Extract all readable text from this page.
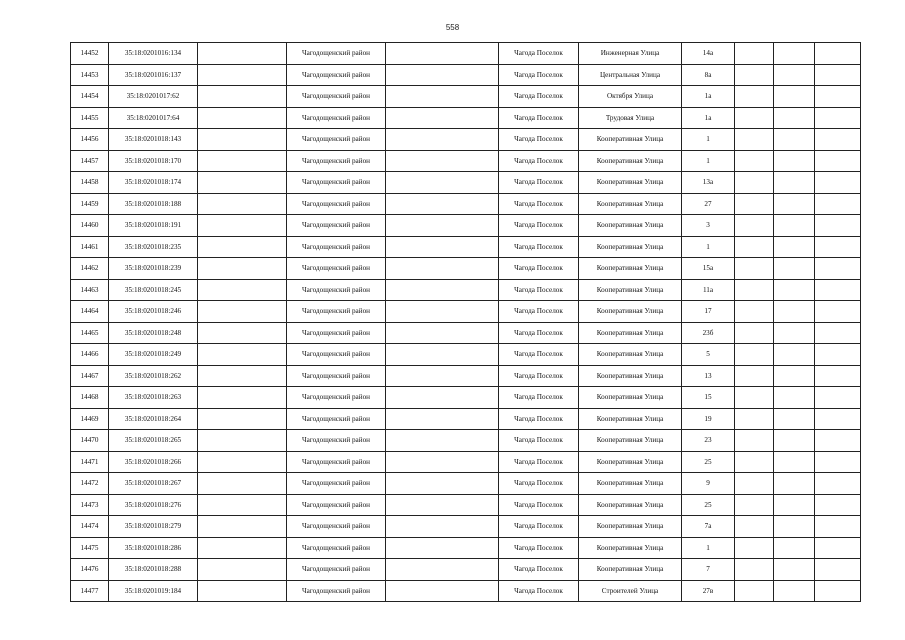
558
14452	35:18:0201016:134		Чагодощенский район		Чагода Поселок	Инженерная Улица	14а			
14453	35:18:0201016:137		Чагодощенский район		Чагода Поселок	Центральная Улица	8а			
14454	35:18:0201017:62		Чагодощенский район		Чагода Поселок	Октября Улица	1а			
14455	35:18:0201017:64		Чагодощенский район		Чагода Поселок	Трудовая Улица	1а			
14456	35:18:0201018:143		Чагодощенский район		Чагода Поселок	Кооперативная Улица	1			
14457	35:18:0201018:170		Чагодощенский район		Чагода Поселок	Кооперативная Улица	1			
14458	35:18:0201018:174		Чагодощенский район		Чагода Поселок	Кооперативная Улица	13а			
14459	35:18:0201018:188		Чагодощенский район		Чагода Поселок	Кооперативная Улица	27			
14460	35:18:0201018:191		Чагодощенский район		Чагода Поселок	Кооперативная Улица	3			
14461	35:18:0201018:235		Чагодощенский район		Чагода Поселок	Кооперативная Улица	1			
14462	35:18:0201018:239		Чагодощенский район		Чагода Поселок	Кооперативная Улица	15а			
14463	35:18:0201018:245		Чагодощенский район		Чагода Поселок	Кооперативная Улица	11а			
14464	35:18:0201018:246		Чагодощенский район		Чагода Поселок	Кооперативная Улица	17			
14465	35:18:0201018:248		Чагодощенский район		Чагода Поселок	Кооперативная Улица	23б			
14466	35:18:0201018:249		Чагодощенский район		Чагода Поселок	Кооперативная Улица	5			
14467	35:18:0201018:262		Чагодощенский район		Чагода Поселок	Кооперативная Улица	13			
14468	35:18:0201018:263		Чагодощенский район		Чагода Поселок	Кооперативная Улица	15			
14469	35:18:0201018:264		Чагодощенский район		Чагода Поселок	Кооперативная Улица	19			
14470	35:18:0201018:265		Чагодощенский район		Чагода Поселок	Кооперативная Улица	23			
14471	35:18:0201018:266		Чагодощенский район		Чагода Поселок	Кооперативная Улица	25			
14472	35:18:0201018:267		Чагодощенский район		Чагода Поселок	Кооперативная Улица	9			
14473	35:18:0201018:276		Чагодощенский район		Чагода Поселок	Кооперативная Улица	25			
14474	35:18:0201018:279		Чагодощенский район		Чагода Поселок	Кооперативная Улица	7а			
14475	35:18:0201018:286		Чагодощенский район		Чагода Поселок	Кооперативная Улица	1			
14476	35:18:0201018:288		Чагодощенский район		Чагода Поселок	Кооперативная Улица	7			
14477	35:18:0201019:184		Чагодощенский район		Чагода Поселок	Строителей Улица	27в			
